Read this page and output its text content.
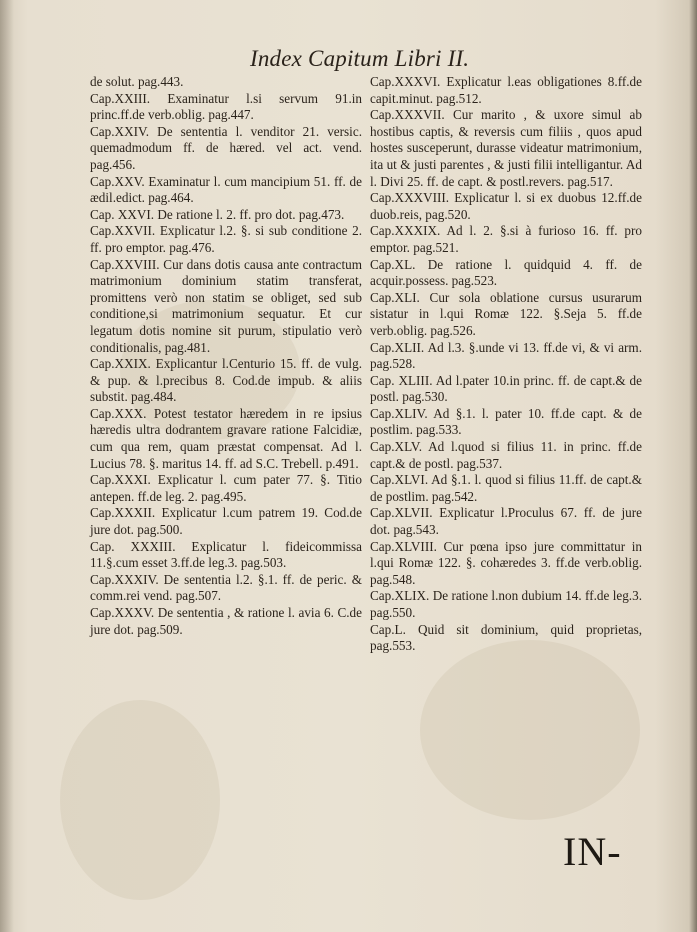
Index Capitum Libri II.

de solut. pag.443.

Cap.XXIII. Examinatur l.si servum 91.in princ.ff.de verb.oblig. pag.447.

Cap.XXIV. De sententia l. venditor 21. versic. quemadmodum ff. de hæred. vel act. vend. pag.456.

Cap.XXV. Examinatur l. cum mancipium 51. ff. de ædil.edict. pag.464.

Cap. XXVI. De ratione l. 2. ff. pro dot. pag.473.

Cap.XXVII. Explicatur l.2. §. si sub conditione 2. ff. pro emptor. pag.476.

Cap.XXVIII. Cur dans dotis causa ante contractum matrimonium dominium statim transferat, promittens verò non statim se obliget, sed sub conditione,si matrimonium sequatur. Et cur legatum dotis nomine sit purum, stipulatio verò conditionalis, pag.481.

Cap.XXIX. Explicantur l.Centurio 15. ff. de vulg. & pup. & l.precibus 8. Cod.de impub. & aliis substit. pag.484.

Cap.XXX. Potest testator hæredem in re ipsius hæredis ultra dodrantem gravare ratione Falcidiæ, cum qua rem, quam præstat compensat. Ad l. Lucius 78. §. maritus 14. ff. ad S.C. Trebell. p.491.

Cap.XXXI. Explicatur l. cum pater 77. §. Titio antepen. ff.de leg. 2. pag.495.

Cap.XXXII. Explicatur l.cum patrem 19. Cod.de jure dot. pag.500.

Cap. XXXIII. Explicatur l. fideicommissa 11.§.cum esset 3.ff.de leg.3. pag.503.

Cap.XXXIV. De sententia l.2. §.1. ff. de peric. & comm.rei vend. pag.507.

Cap.XXXV. De sententia , & ratione l. avia 6. C.de jure dot. pag.509.

Cap.XXXVI. Explicatur l.eas obligationes 8.ff.de capit.minut. pag.512.

Cap.XXXVII. Cur marito , & uxore simul ab hostibus captis, & reversis cum filiis , quos apud hostes susceperunt, durasse videatur matrimonium, ita ut & justi parentes , & justi filii intelligantur. Ad l. Divi 25. ff. de capt. & postl.revers. pag.517.

Cap.XXXVIII. Explicatur l. si ex duobus 12.ff.de duob.reis, pag.520.

Cap.XXXIX. Ad l. 2. §.si à furioso 16. ff. pro emptor. pag.521.

Cap.XL. De ratione l. quidquid 4. ff. de acquir.possess. pag.523.

Cap.XLI. Cur sola oblatione cursus usurarum sistatur in l.qui Romæ 122. §.Seja 5. ff.de verb.oblig. pag.526.

Cap.XLII. Ad l.3. §.unde vi 13. ff.de vi, & vi arm. pag.528.

Cap. XLIII. Ad l.pater 10.in princ. ff. de capt.& de postl. pag.530.

Cap.XLIV. Ad §.1. l. pater 10. ff.de capt. & de postlim. pag.533.

Cap.XLV. Ad l.quod si filius 11. in princ. ff.de capt.& de postl. pag.537.

Cap.XLVI. Ad §.1. l. quod si filius 11.ff. de capt.& de postlim. pag.542.

Cap.XLVII. Explicatur l.Proculus 67. ff. de jure dot. pag.543.

Cap.XLVIII. Cur pœna ipso jure committatur in l.qui Romæ 122. §. cohæredes 3. ff.de verb.oblig. pag.548.

Cap.XLIX. De ratione l.non dubium 14. ff.de leg.3. pag.550.

Cap.L. Quid sit dominium, quid proprietas, pag.553.

IN-
